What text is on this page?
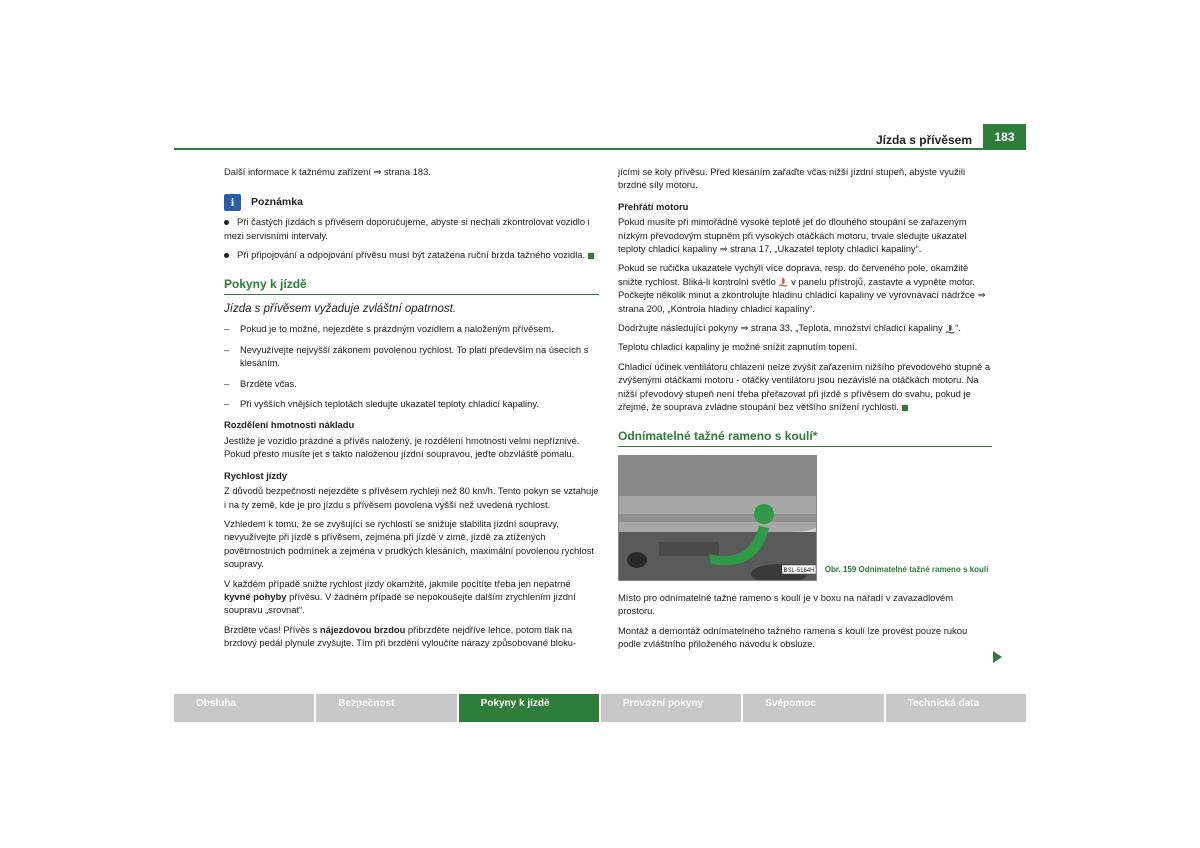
Jízda s přívěsem	183

Další informace k tažnému zařízení ⇒ strana 183.

i	Poznámka

Při častých jízdách s přívěsem doporučujeme, abyste si nechali zkontrolovat vozidlo i mezi servisními intervaly.

Při připojování a odpojování přívěsu musí být zatažena ruční brzda tažného vozidla.

Pokyny k jízdě

Jízda s přívěsem vyžaduje zvláštní opatrnost.

–	Pokud je to možné, nejezděte s prázdným vozidlem a naloženým přívěsem.
–	Nevyužívejte nejvyšší zákonem povolenou rychlost. To platí především na úsecích s klesáním.
–	Brzděte včas.
–	Při vyšších vnějších teplotách sledujte ukazatel teploty chladicí kapaliny.
Rozdělení hmotnosti nákladu

Jestliže je vozidlo prázdné a přívěs naložený, je rozdělení hmotnosti velmi nepříznivé. Pokud přesto musíte jet s takto naloženou jízdní soupravou, jeďte obzvláště pomalu.

Rychlost jízdy

Z důvodů bezpečnosti nejezděte s přívěsem rychleji než 80 km/h. Tento pokyn se vztahuje i na ty země, kde je pro jízdu s přívěsem povolena vyšší než uvedená rychlost.

Vzhledem k tomu, že se zvyšující se rychlostí se snižuje stabilita jízdní soupravy, nevyužívejte při jízdě s přívěsem, zejména při jízdě v zimě, jízdě za ztížených povětrnostních podmínek a zejména v prudkých klesáních, maximální povolenou rychlost soupravy.

V každém případě snižte rychlost jízdy okamžitě, jakmile pocítíte třeba jen nepatrné kyvné pohyby přívěsu. V žádném případě se nepokoušejte dalším zrychlením jízdní soupravu „srovnat“.

Brzděte včas! Přívěs s nájezdovou brzdou přibrzděte nejdříve lehce, potom tlak na brzdový pedál plynule zvyšujte. Tím při brzdění vyloučíte nárazy způsobované bloku-

jícími se koly přívěsu. Před klesáním zařaďte včas nižší jízdní stupeň, abyste využili brzdné síly motoru.

Přehřátí motoru

Pokud musíte při mimořádně vysoké teplotě jet do dlouhého stoupání se zařazeným nízkým převodovým stupněm při vysokých otáčkách motoru, trvale sledujte ukazatel teploty chladicí kapaliny ⇒ strana 17, „Ukazatel teploty chladicí kapaliny“.

Pokud se ručička ukazatele vychýlí více doprava, resp. do červeného pole, okamžitě snižte rychlost. Bliká-li kontrolní světlo  v panelu přístrojů, zastavte a vypněte motor. Počkejte několik minut a zkontrolujte hladinu chladicí kapaliny ve vyrovnávací nádržce ⇒ strana 200, „Kontrola hladiny chladicí kapaliny“.

Dodržujte následující pokyny ⇒ strana 33, „Teplota, množství chladicí kapaliny “.

Teplotu chladicí kapaliny je možné snížit zapnutím topení.

Chladicí účinek ventilátoru chlazení nelze zvýšit zařazením nižšího převodového stupně a zvýšenými otáčkami motoru - otáčky ventilátoru jsou nezávislé na otáčkách motoru. Na nižší převodový stupeň není třeba přeřazovat při jízdě s přívěsem do svahu, pokud je zřejmé, že souprava zvládne stoupání bez většího snížení rychlosti.

Odnímatelné tažné rameno s koulí*
BSL-5164H Obr. 159 Odnímatelné tažné rameno s koulí

Místo pro odnímatelné tažné rameno s koulí je v boxu na nářadí v zavazadlovém prostoru.

Montáž a demontáž odnímatelného tažného ramena s koulí lze provést pouze rukou podle zvláštního přiloženého návodu k obsluze.

Obsluha	Bezpečnost	Pokyny k jízdě	Provozní pokyny	Svépomoc	Technická data
